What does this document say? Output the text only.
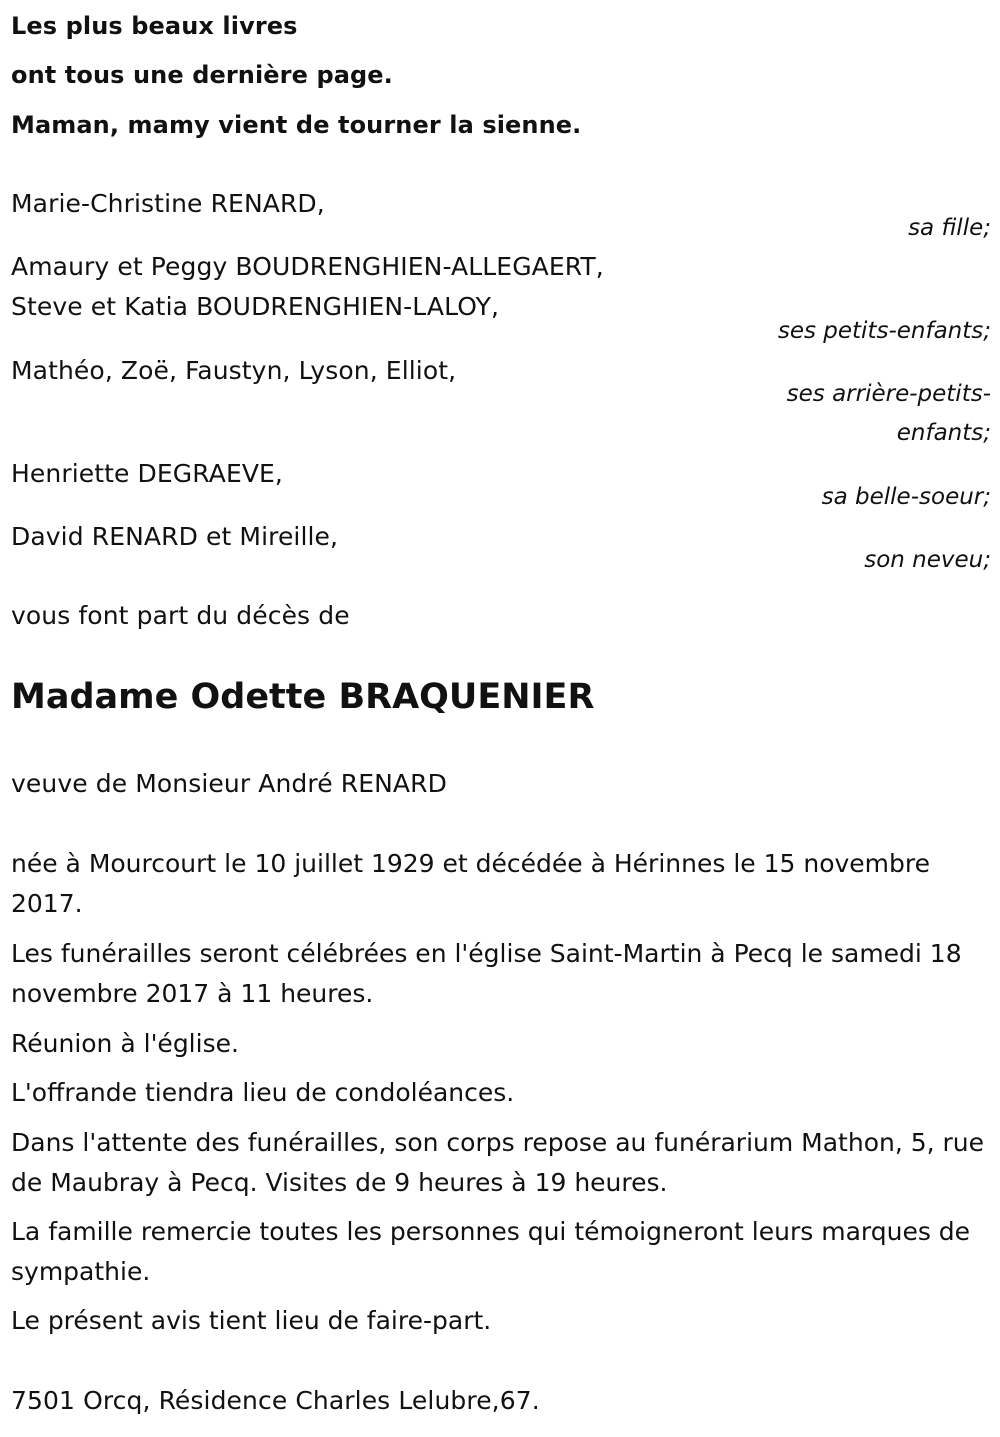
Les plus beaux livres
ont tous une dernière page.
Maman, mamy vient de tourner la sienne.
Marie-Christine RENARD,
sa fille;
Amaury et Peggy BOUDRENGHIEN-ALLEGAERT,
Steve et Katia BOUDRENGHIEN-LALOY,
ses petits-enfants;
Mathéo, Zoë, Faustyn, Lyson, Elliot,
ses arrière-petits-
enfants;
Henriette DEGRAEVE,
sa belle-soeur;
David RENARD et Mireille,
son neveu;
vous font part du décès de
Madame Odette BRAQUENIER
veuve de Monsieur André RENARD
née à Mourcourt le 10 juillet 1929 et décédée à Hérinnes le 15 novembre 2017.
Les funérailles seront célébrées en l'église Saint-Martin à Pecq le samedi 18 novembre 2017 à 11 heures.
Réunion à l'église.
L'offrande tiendra lieu de condoléances.
Dans l'attente des funérailles, son corps repose au funérarium Mathon, 5, rue de Maubray à Pecq. Visites de 9 heures à 19 heures.
La famille remercie toutes les personnes qui témoigneront leurs marques de sympathie.
Le présent avis tient lieu de faire-part.
7501 Orcq, Résidence Charles Lelubre,67.
